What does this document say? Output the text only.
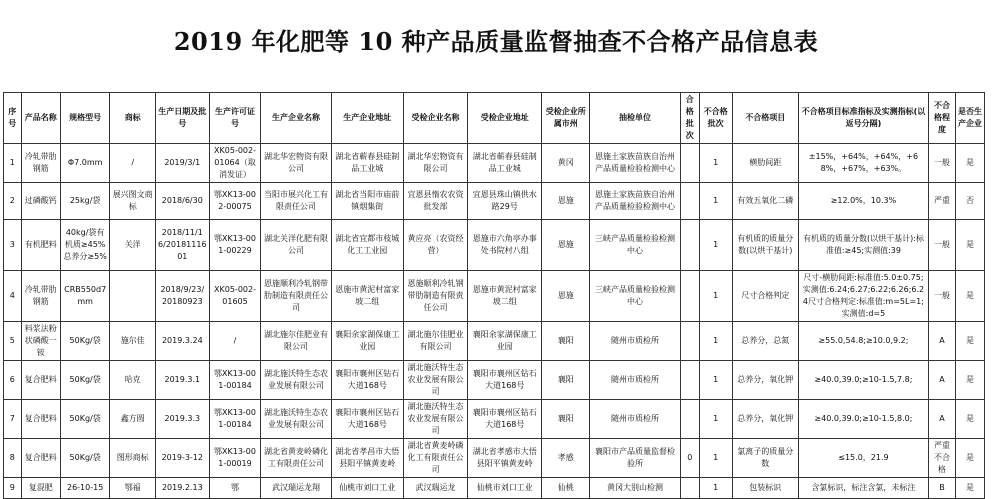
2019 年化肥等 10 种产品质量监督抽查不合格产品信息表
序号	产品名称	规格型号	商标	生产日期及批号	生产许可证号	生产企业名称	生产企业地址	受检企业名称	受检企业地址	受检企业所属市州	抽检单位	合格批次	不合格批次	不合格项目	不合格项目标准指标及实测指标(以返号分隔)	不合格程度	是否生产企业
1	冷轧带肋钢筋	Φ7.0mm	/	2019/3/1	XK05-002-01064（取消发证）	湖北华宏物资有限公司	湖北省蕲春县硅制品工业城	湖北华宏物资有限公司	湖北省蕲春县硅制品工业城	黄冈	恩施土家族苗族自治州产品质量检验检测中心		1	横肋间距	±15%，+64%，+64%，+68%，+67%，+63%。	一般	是
2	过磷酸钙	25kg/袋	展兴图文商标	2018/6/30	鄂XK13-002-00075	当阳市展兴化工有限责任公司	湖北省当阳市庙前镇烟集街	宜恩县惰农农资批发部	宜恩县珠山镇供水路29号	恩施	恩施土家族苗族自治州产品质量检验检测中心		1	有效五氧化二磷	≥12.0%，10.3%	严重	否
3	有机肥料	40kg/袋有机质≥45%总养分≥5%	关洋	2018/11/16/2018111601	鄂XK13-001-00229	湖北关洋化肥有限公司	湖北省宜都市枝城化工工业园	黄应亮（农资经营）	恩施市六角亭办事处书院村八组	恩施	三峡产品质量检验检测中心		1	有机质的质量分数(以烘干基计)	有机质的质量分数(以烘干基计):标准值:≥45;实测值:39	一般	是
4	冷轧带肋钢筋	CRB550d7mm		2018/9/23/20180923	XK05-002-01605	恩施顺利冷轧钢带肋制造有限责任公司	恩施市黄泥村富家坡二组	恩施顺利冷轧钢带肋制造有限责任公司	恩施市黄泥村富家坡二组	恩施	三峡产品质量检验检测中心		1	尺寸合格判定	尺寸-横肋间距:标准值:5.0±0.75;实测值:6.24;6.27;6.22;6.26;6.24尺寸合格判定:标准值:m=5L=1;实测值:d=5	一般	是
5	料浆法粉状磷酸一铵	50Kg/袋	施尔佳	2019.3.24	/	湖北施尔佳肥业有限公司	襄阳余家湖保康工业园	湖北施尔佳肥业有限公司	襄阳余家湖保康工业园	襄阳	随州市质检所		1	总养分，总氮	≥55.0,54.8;≥10.0,9.2;	A	是
6	复合肥料	50Kg/袋	哈克	2019.3.1	鄂XK13-001-00184	湖北施沃特生态农业发展有限公司	襄阳市襄州区钻石大道168号	湖北施沃特生态农业发展有限公司	襄阳市襄州区钻石大道168号	襄阳	随州市质检所		1	总养分，氧化钾	≥40.0,39.0;≥10-1.5,7.8;	A	是
7	复合肥料	50Kg/袋	鑫方圆	2019.3.3	鄂XK13-001-00184	湖北施沃特生态农业发展有限公司	襄阳市襄州区钻石大道168号	湖北施沃特生态农业发展有限公司	襄阳市襄州区钻石大道168号	襄阳	随州市质检所		1	总养分，氧化钾	≥40.0,39.0;≥10-1.5,8.0;	A	是
8	复合肥料	50Kg/袋	图形商标	2019-3-12	鄂XK13-001-00019	湖北省黄麦岭磷化工有限责任公司	湖北省孝昌市大悟县阳平镇黄麦岭	湖北省黄麦岭磷化工有限责任公司	湖北省孝感市大悟县阳平镇黄麦岭	孝感	襄阳市产品质量监督检验所	0	1	氯离子的质量分数	≤15.0，21.9	严重不合格	是
9	复混肥	26-10-15	鄂福	2019.2.13	鄂	武汉瑞运龙翔	仙桃市刘口工业	武汉瑞运龙	仙桃市刘口工业	仙桃	黄冈大别山检测		1	包装标识	含氯标识，标注含氯，未标注	B	是
